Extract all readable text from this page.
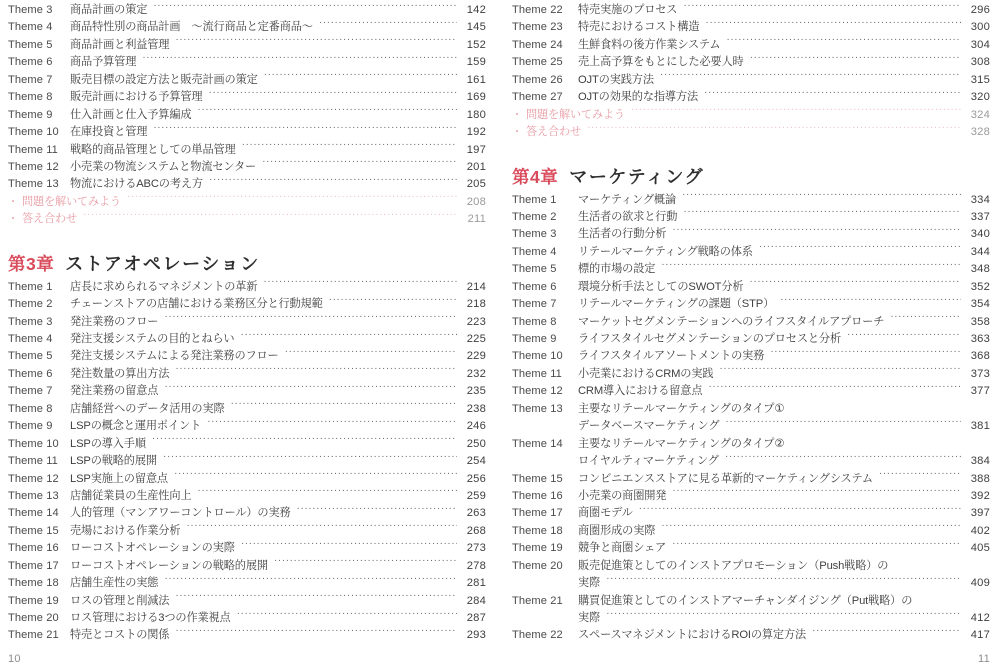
Theme 3	商品計画の策定 ·····	142
Theme 4	商品特性別の商品計画　〜流行商品と定番商品〜 ·····	145
Theme 5	商品計画と利益管理 ·····	152
Theme 6	商品予算管理 ·····	159
Theme 7	販売目標の設定方法と販売計画の策定 ·····	161
Theme 8	販売計画における予算管理 ·····	169
Theme 9	仕入計画と仕入予算編成 ·····	180
Theme 10	在庫投資と管理 ·····	192
Theme 11	戦略的商品管理としての単品管理 ·····	197
Theme 12	小売業の物流システムと物流センター ·····	201
Theme 13	物流におけるABCの考え方 ·····	205
・ 問題を解いてみよう ·····	208
・ 答え合わせ ·····	211
第3章 ストアオペレーション
Theme 1	店長に求められるマネジメントの革新 ·····	214
Theme 2	チェーンストアの店舗における業務区分と行動規範 ·····	218
Theme 3	発注業務のフロー ·····	223
Theme 4	発注支援システムの目的とねらい ·····	225
Theme 5	発注支援システムによる発注業務のフロー ·····	229
Theme 6	発注数量の算出方法 ·····	232
Theme 7	発注業務の留意点 ·····	235
Theme 8	店舗経営へのデータ活用の実際 ·····	238
Theme 9	LSPの概念と運用ポイント ·····	246
Theme 10	LSPの導入手順 ·····	250
Theme 11	LSPの戦略的展開 ·····	254
Theme 12	LSP実施上の留意点 ·····	256
Theme 13	店舗従業員の生産性向上 ·····	259
Theme 14	人的管理（マンアワーコントロール）の実務 ·····	263
Theme 15	売場における作業分析 ·····	268
Theme 16	ローコストオペレーションの実際 ·····	273
Theme 17	ローコストオペレーションの戦略的展開 ·····	278
Theme 18	店舗生産性の実態 ·····	281
Theme 19	ロスの管理と削減法 ·····	284
Theme 20	ロス管理における3つの作業視点 ·····	287
Theme 21	特売とコストの関係 ·····	293
10
Theme 22	特売実施のプロセス ·····	296
Theme 23	特売におけるコスト構造 ·····	300
Theme 24	生鮮食料の後方作業システム ·····	304
Theme 25	売上高予算をもとにした必要人時 ·····	308
Theme 26	OJTの実践方法 ·····	315
Theme 27	OJTの効果的な指導方法 ·····	320
・ 問題を解いてみよう ·····	324
・ 答え合わせ ·····	328
第4章 マーケティング
Theme 1	マーケティング概論 ·····	334
Theme 2	生活者の欲求と行動 ·····	337
Theme 3	生活者の行動分析 ·····	340
Theme 4	リテールマーケティング戦略の体系 ·····	344
Theme 5	標的市場の設定 ·····	348
Theme 6	環境分析手法としてのSWOT分析 ·····	352
Theme 7	リテールマーケティングの課題（STP） ·····	354
Theme 8	マーケットセグメンテーションへのライフスタイルアプローチ ·····	358
Theme 9	ライフスタイルセグメンテーションのプロセスと分析 ·····	363
Theme 10	ライフスタイルアソートメントの実務 ·····	368
Theme 11	小売業におけるCRMの実践 ·····	373
Theme 12	CRM導入における留意点 ·····	377
Theme 13	主要なリテールマーケティングのタイプ①
データベースマーケティング ·····	381
Theme 14	主要なリテールマーケティングのタイプ②
ロイヤルティマーケティング ·····	384
Theme 15	コンビニエンスストアに見る革新的マーケティングシステム ·····	388
Theme 16	小売業の商圏開発 ·····	392
Theme 17	商圏モデル ·····	397
Theme 18	商圏形成の実際 ·····	402
Theme 19	競争と商圏シェア ·····	405
Theme 20	販売促進策としてのインストアプロモーション（Push戦略）の
実際 ·····	409
Theme 21	購買促進策としてのインストアマーチャンダイジング（Put戦略）の
実際 ·····	412
Theme 22	スペースマネジメントにおけるROIの算定方法 ·····	417
11
